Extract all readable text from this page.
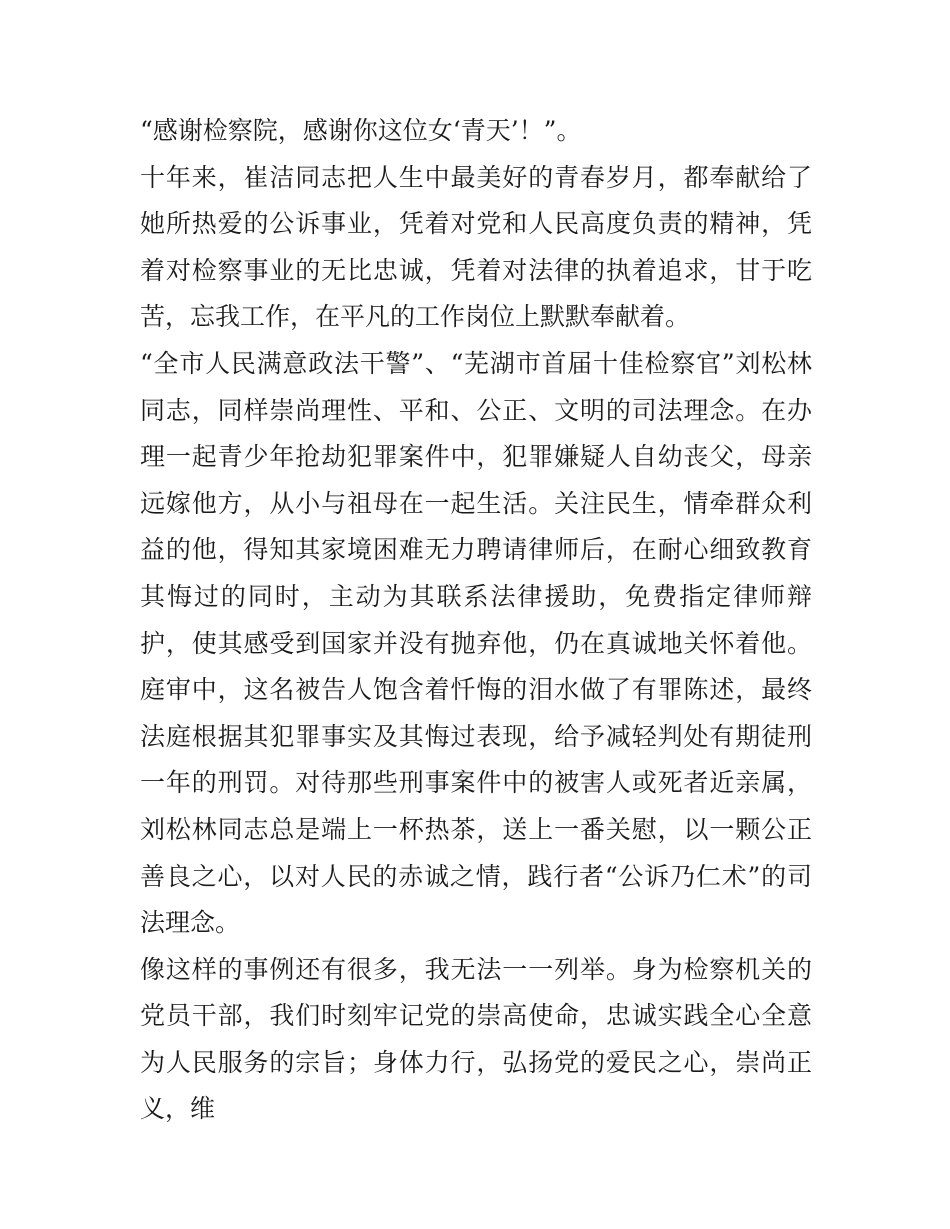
“感谢检察院，感谢你这位女‘青天’！”。

十年来，崔洁同志把人生中最美好的青春岁月，都奉献给了她所热爱的公诉事业，凭着对党和人民高度负责的精神，凭着对检察事业的无比忠诚，凭着对法律的执着追求，甘于吃苦，忘我工作，在平凡的工作岗位上默默奉献着。

“全市人民满意政法干警”、“芜湖市首届十佳检察官”刘松林同志，同样崇尚理性、平和、公正、文明的司法理念。在办理一起青少年抢劫犯罪案件中，犯罪嫌疑人自幼丧父，母亲远嫁他方，从小与祖母在一起生活。关注民生，情牵群众利益的他，得知其家境困难无力聘请律师后，在耐心细致教育其悔过的同时，主动为其联系法律援助，免费指定律师辩护，使其感受到国家并没有抛弃他，仍在真诚地关怀着他。庭审中，这名被告人饱含着忏悔的泪水做了有罪陈述，最终法庭根据其犯罪事实及其悔过表现，给予减轻判处有期徒刑一年的刑罚。对待那些刑事案件中的被害人或死者近亲属，刘松林同志总是端上一杯热茶，送上一番关慰，以一颗公正善良之心，以对人民的赤诚之情，践行者“公诉乃仁术”的司法理念。

像这样的事例还有很多，我无法一一列举。身为检察机关的党员干部，我们时刻牢记党的崇高使命，忠诚实践全心全意为人民服务的宗旨；身体力行，弘扬党的爱民之心，崇尚正义，维
